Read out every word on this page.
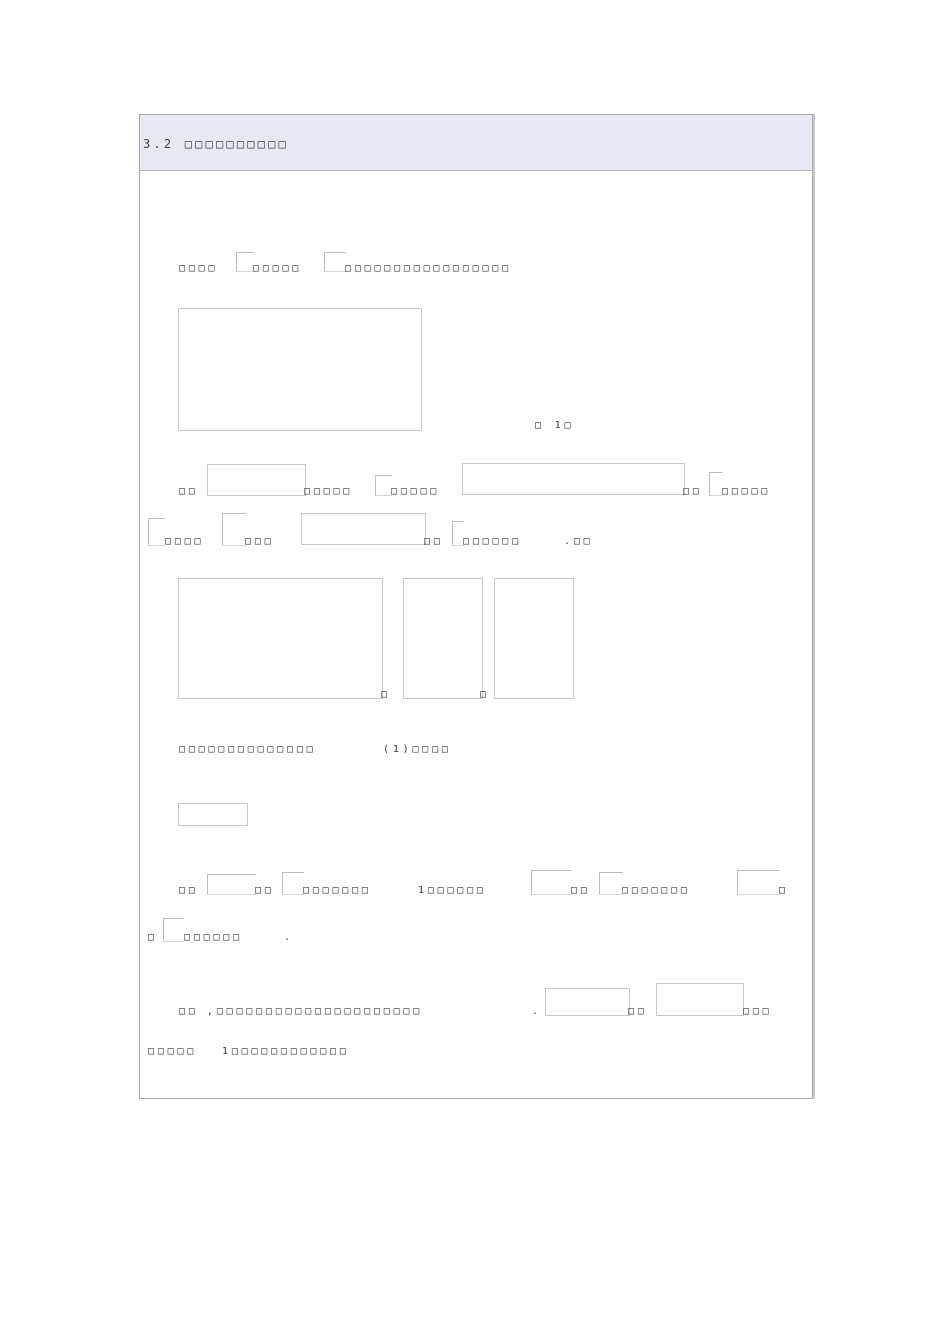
3.2 □□□□□□□□□□
□□□□	□□□□□	□□□□□□□□□□□□□□□□□
□ 1□
□□	□□□□□	□□□□□	□□ □□□□□
□□□□	□□□	□□ □□□□□□	.□□
□	□
□□□□□□□□□□□□□□	(1)□□□□
□□	□□	□□□□□□□	1□□□□□□	□□	□□□□□□□	□
□	□□□□□□	.
□□ ,□□□□□□□□□□□□□□□□□□□□□	.	□□	□□□
□□□□□ 1□□□□□□□□□□□□
